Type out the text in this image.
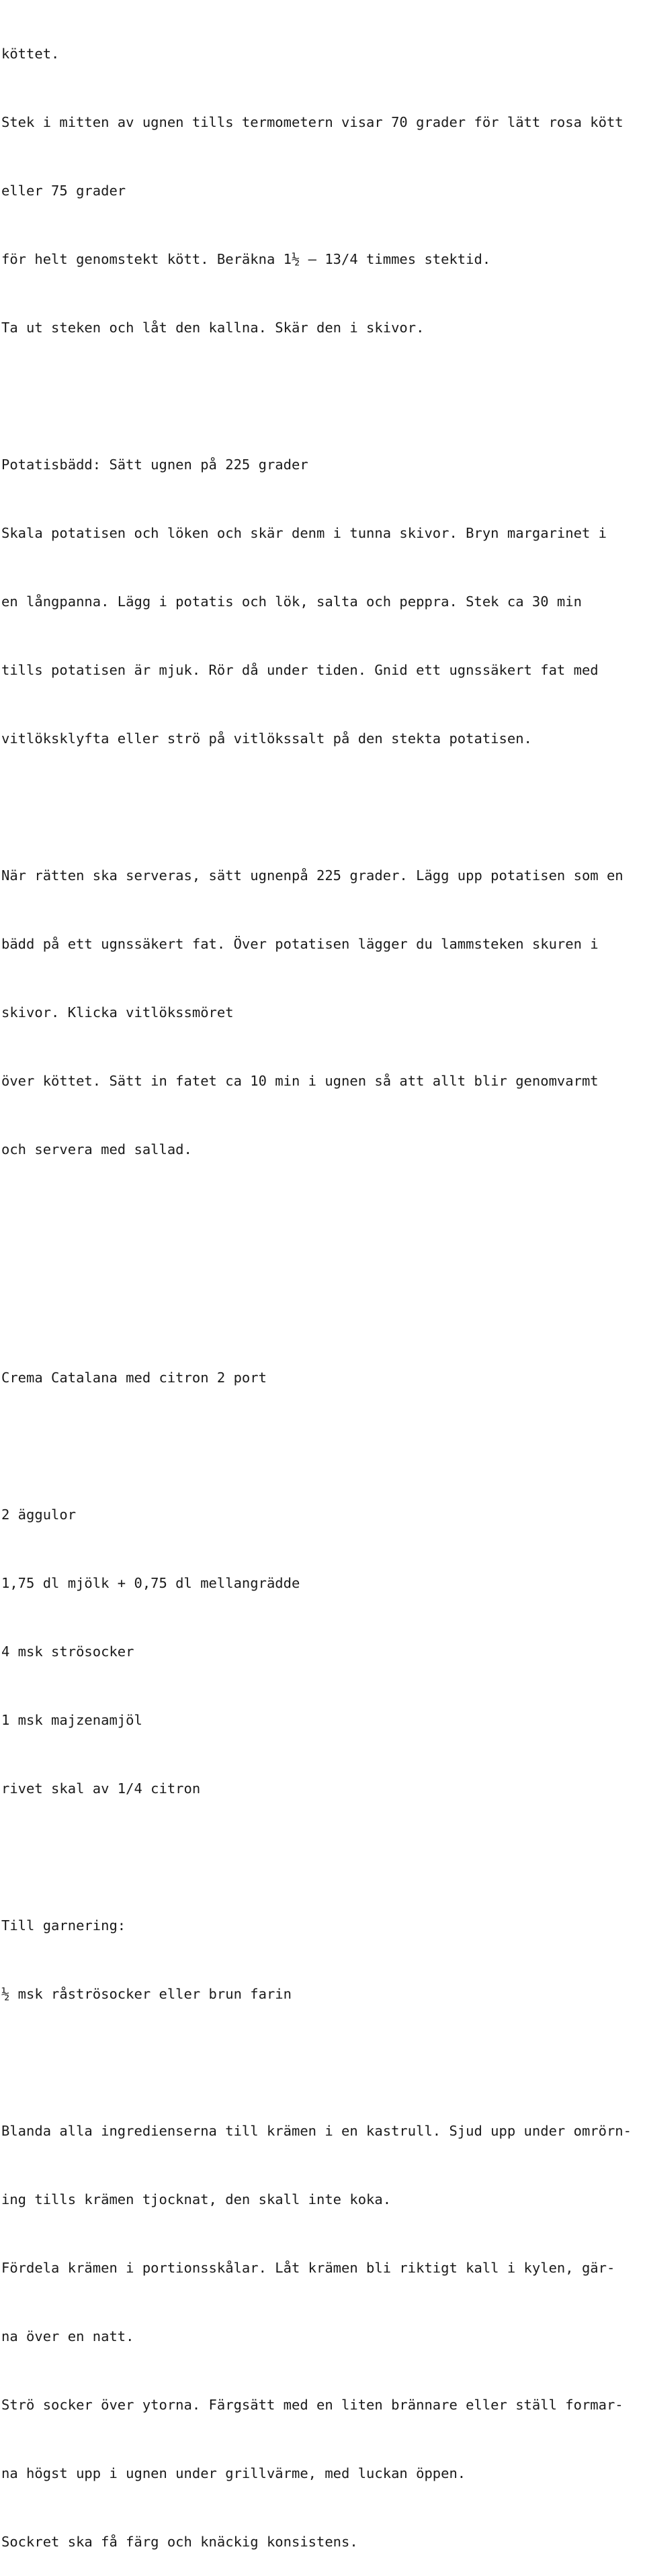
köttet.

Stek i mitten av ugnen tills termometern visar 70 grader för lätt rosa kött

eller 75 grader

för helt genomstekt kött. Beräkna 1½ – 13/4 timmes stektid.

Ta ut steken och låt den kallna. Skär den i skivor.

Potatisbädd: Sätt ugnen på 225 grader

Skala potatisen och löken och skär denm i tunna skivor. Bryn margarinet i

en långpanna. Lägg i potatis och lök, salta och peppra. Stek ca 30 min

tills potatisen är mjuk. Rör då under tiden. Gnid ett ugnssäkert fat med

vitlöksklyfta eller strö på vitlökssalt på den stekta potatisen.

När rätten ska serveras, sätt ugnenpå 225 grader. Lägg upp potatisen som en

bädd på ett ugnssäkert fat. Över potatisen lägger du lammsteken skuren i

skivor. Klicka vitlökssmöret

över köttet. Sätt in fatet ca 10 min i ugnen så att allt blir genomvarmt

och servera med sallad.

Crema Catalana med citron 2 port

2 äggulor

1,75 dl mjölk + 0,75 dl mellangrädde

4 msk strösocker

1 msk majzenamjöl

rivet skal av 1/4 citron

Till garnering:

½ msk råströsocker eller brun farin

Blanda alla ingredienserna till krämen i en kastrull. Sjud upp under omrörn-

ing tills krämen tjocknat, den skall inte koka.

Fördela krämen i portionsskålar. Låt krämen bli riktigt kall i kylen, gär-

na över en natt.

Strö socker över ytorna. Färgsätt med en liten brännare eller ställ formar-

na högst upp i ugnen under grillvärme, med luckan öppen.

Sockret ska få färg och knäckig konsistens.
